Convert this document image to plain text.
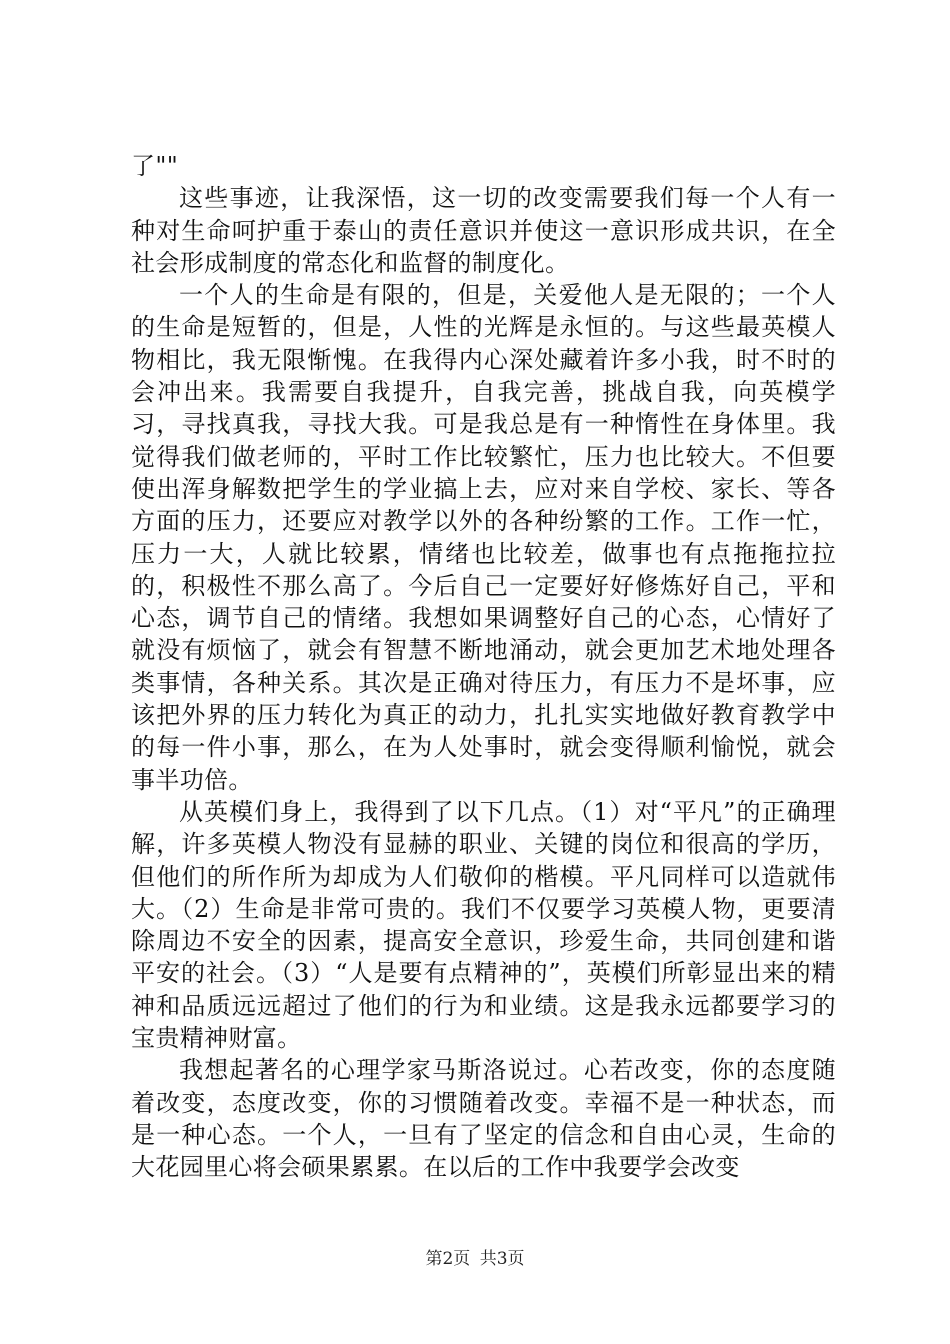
了""

这些事迹，让我深悟，这一切的改变需要我们每一个人有一种对生命呵护重于泰山的责任意识并使这一意识形成共识，在全社会形成制度的常态化和监督的制度化。

一个人的生命是有限的，但是，关爱他人是无限的；一个人的生命是短暂的，但是，人性的光辉是永恒的。与这些最英模人物相比，我无限惭愧。在我得内心深处藏着许多小我，时不时的会冲出来。我需要自我提升，自我完善，挑战自我，向英模学习，寻找真我，寻找大我。可是我总是有一种惰性在身体里。我觉得我们做老师的，平时工作比较繁忙，压力也比较大。不但要使出浑身解数把学生的学业搞上去，应对来自学校、家长、等各方面的压力，还要应对教学以外的各种纷繁的工作。工作一忙，压力一大，人就比较累，情绪也比较差，做事也有点拖拖拉拉的，积极性不那么高了。今后自己一定要好好修炼好自己，平和心态，调节自己的情绪。我想如果调整好自己的心态，心情好了就没有烦恼了，就会有智慧不断地涌动，就会更加艺术地处理各类事情，各种关系。其次是正确对待压力，有压力不是坏事，应该把外界的压力转化为真正的动力，扎扎实实地做好教育教学中的每一件小事，那么，在为人处事时，就会变得顺利愉悦，就会事半功倍。

从英模们身上，我得到了以下几点。（1）对“平凡”的正确理解，许多英模人物没有显赫的职业、关键的岗位和很高的学历，但他们的所作所为却成为人们敬仰的楷模。平凡同样可以造就伟大。（2）生命是非常可贵的。我们不仅要学习英模人物，更要清除周边不安全的因素，提高安全意识，珍爱生命，共同创建和谐平安的社会。（3）“人是要有点精神的”，英模们所彰显出来的精神和品质远远超过了他们的行为和业绩。这是我永远都要学习的宝贵精神财富。

我想起著名的心理学家马斯洛说过。心若改变，你的态度随着改变，态度改变，你的习惯随着改变。幸福不是一种状态，而是一种心态。一个人，一旦有了坚定的信念和自由心灵，生命的大花园里心将会硕果累累。在以后的工作中我要学会改变

第2页 共3页
